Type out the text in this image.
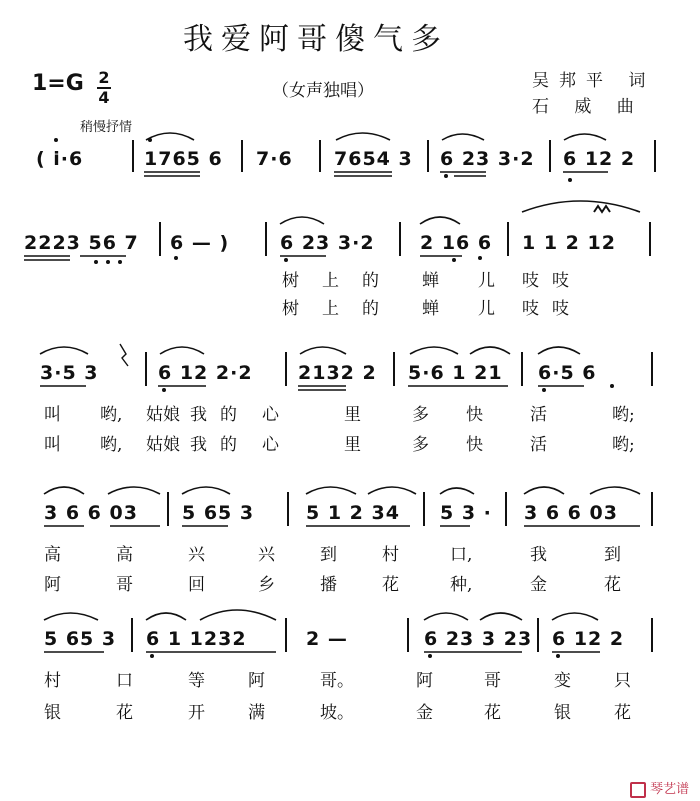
我爱阿哥傻气多
1=G 2
4	（女声独唱）	吴邦平 词
石 威 曲
稍慢抒情
( i·6	1765 6 7·6 7654 3 6 23 3·2 6 12 2
2223 56 7 6 — )	6 23 3·2 2 16 6 1 1 2 12
树 上 的	蝉 儿 吱 吱
树 上 的	蝉 儿 吱 吱
3·5 3	6 12 2·2 2132 2 5·6 1 21 6·5 6
叫 哟, 姑娘 我 的 心	里	多 快	活	哟;
叫 哟, 姑娘 我 的 心	里	多 快	活	哟;
3 6 6 03 5 65 3	5 1 2 34 5 3 · 3 6 6 03
高	高	兴	兴	到	村	口,	我	到
阿	哥	回	乡	播	花	种,	金	花
5 65 3 6 1 1232	2 —	6 23 3 23 6 12 2
村	口	等	阿	哥。	阿	哥	变	只
银	花	开	满	坡。	金	花	银	花
琴艺谱
